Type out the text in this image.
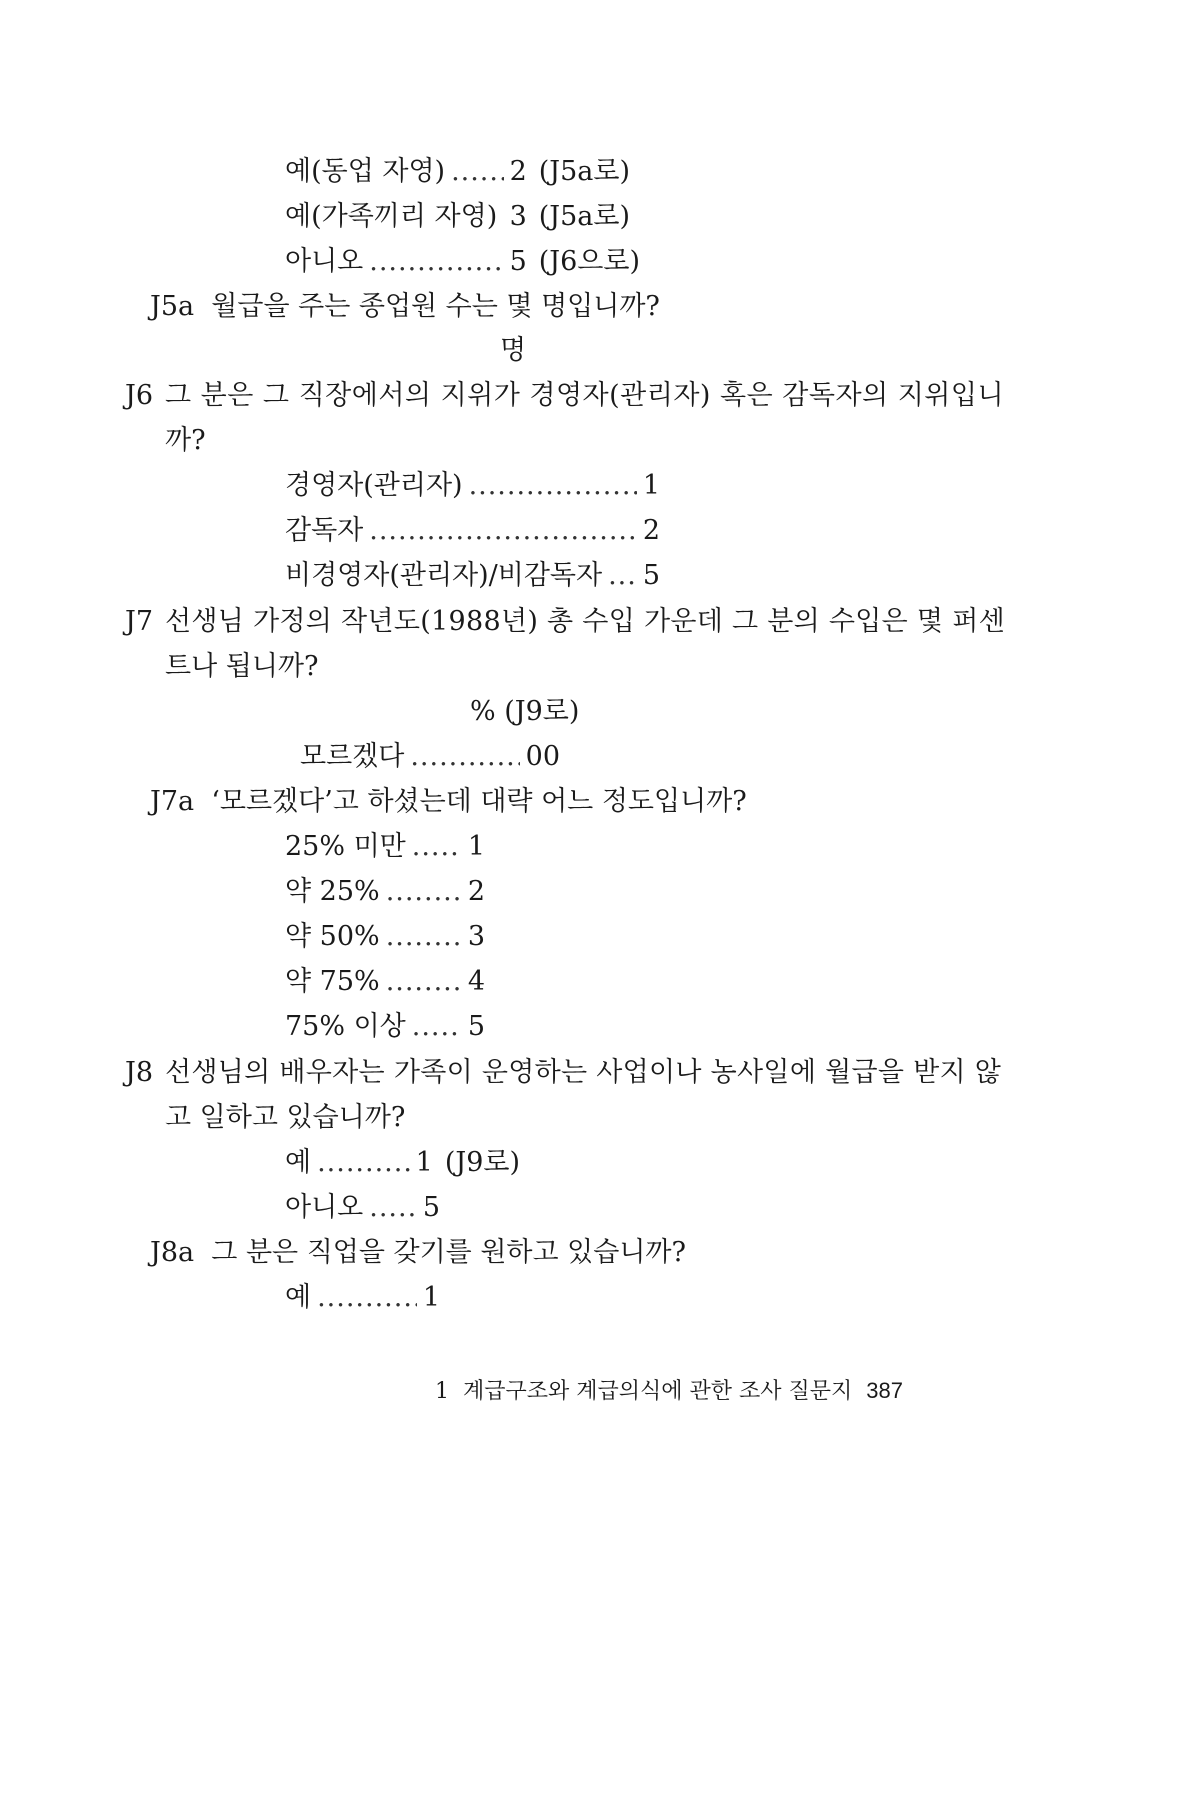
예(동업 자영) ..... 2 (J5a로)
예(가족끼리 자영) ..... 3 (J5a로)
아니오 .....	5 (J6으로)
J5a 월급을 주는 종업원 수는 몇 명입니까?
명
J6 그 분은 그 직장에서의 지위가 경영자(관리자) 혹은 감독자의 지위입니
까?
경영자(관리자) .....	1
감독자 .....	2
비경영자(관리자)/비감독자 ..... 5
J7 선생님 가정의 작년도(1988년) 총 수입 가운데 그 분의 수입은 몇 퍼센
트나 됩니까?
% (J9로)
모르겠다 .....	00
J7a ‘모르겠다’고 하셨는데 대략 어느 정도입니까?
25% 미만 ..... 1
약 25% .....	2
약 50% .....	3
약 75% .....	4
75% 이상 ..... 5
J8 선생님의 배우자는 가족이 운영하는 사업이나 농사일에 월급을 받지 않
고 일하고 있습니까?
예 .....	1 (J9로)
아니오 ..... 5
J8a 그 분은 직업을 갖기를 원하고 있습니까?
예 .....	1
1 계급구조와 계급의식에 관한 조사 질문지 387
